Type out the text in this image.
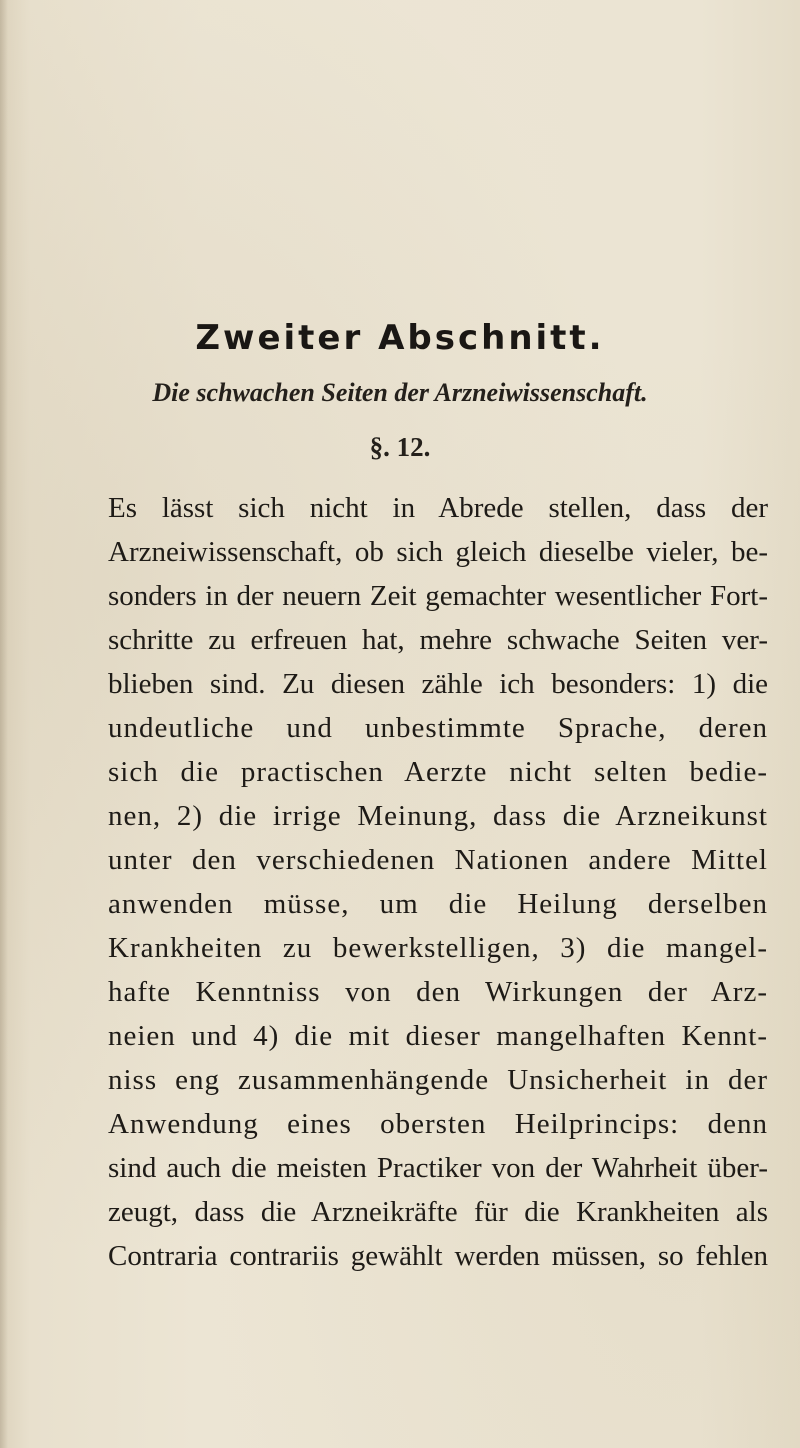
Zweiter Abschnitt.
Die schwachen Seiten der Arzneiwissenschaft.
§. 12.
Es lässt sich nicht in Abrede stellen, dass der
Arzneiwissenschaft, ob sich gleich dieselbe vieler, be-
sonders in der neuern Zeit gemachter wesentlicher Fort-
schritte zu erfreuen hat, mehre schwache Seiten ver-
blieben sind. Zu diesen zähle ich besonders: 1) die
undeutliche und unbestimmte Sprache, deren
sich die practischen Aerzte nicht selten bedie-
nen, 2) die irrige Meinung, dass die Arzneikunst
unter den verschiedenen Nationen andere Mittel
anwenden müsse, um die Heilung derselben
Krankheiten zu bewerkstelligen, 3) die mangel-
hafte Kenntniss von den Wirkungen der Arz-
neien und 4) die mit dieser mangelhaften Kennt-
niss eng zusammenhängende Unsicherheit in der
Anwendung eines obersten Heilprincips: denn
sind auch die meisten Practiker von der Wahrheit über-
zeugt, dass die Arzneikräfte für die Krankheiten als
Contraria contrariis gewählt werden müssen, so fehlen
